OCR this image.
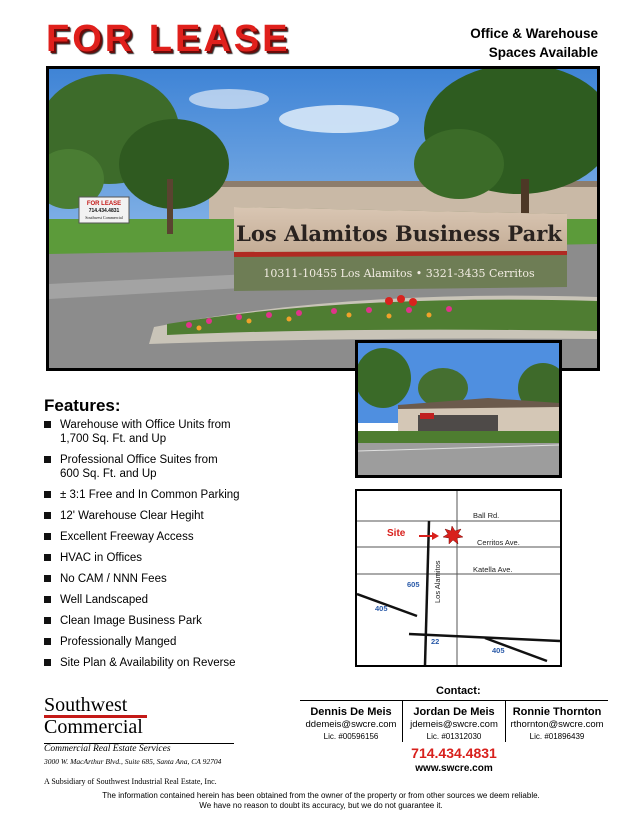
FOR LEASE	Office & Warehouse
Spaces Available
FOR LEASE
714.434.4831
Southwest Commercial
Los Alamitos Business Park
10311-10455 Los Alamitos • 3321-3435 Cerritos
Features:
Warehouse with Office Units from 1,700 Sq. Ft. and Up
Professional Office Suites from 600 Sq. Ft. and Up
± 3:1 Free and In Common Parking
12' Warehouse Clear Hegiht
Excellent Freeway Access
HVAC in Offices
No CAM / NNN Fees
Well Landscaped
Clean Image Business Park
Professionally Manged
Site Plan & Availability on Reverse
Site
Ball Rd.
Cerritos Ave.
Katella Ave.
Los Alamitos
605
405
22
405
Southwest
Commercial Commercial Real Estate Services
3000 W. MacArthur Blvd., Suite 685, Santa Ana, CA 92704
A Subsidiary of Southwest Industrial Real Estate, Inc.
Contact:
Dennis De Meis
ddemeis@swcre.com
Lic. #00596156
Jordan De Meis
jdemeis@swcre.com
Lic. #01312030
Ronnie Thornton
rthornton@swcre.com
Lic. #01896439
714.434.4831
www.swcre.com
The information contained herein has been obtained from the owner of the property or from other sources we deem reliable.
We have no reason to doubt its accuracy, but we do not guarantee it.
